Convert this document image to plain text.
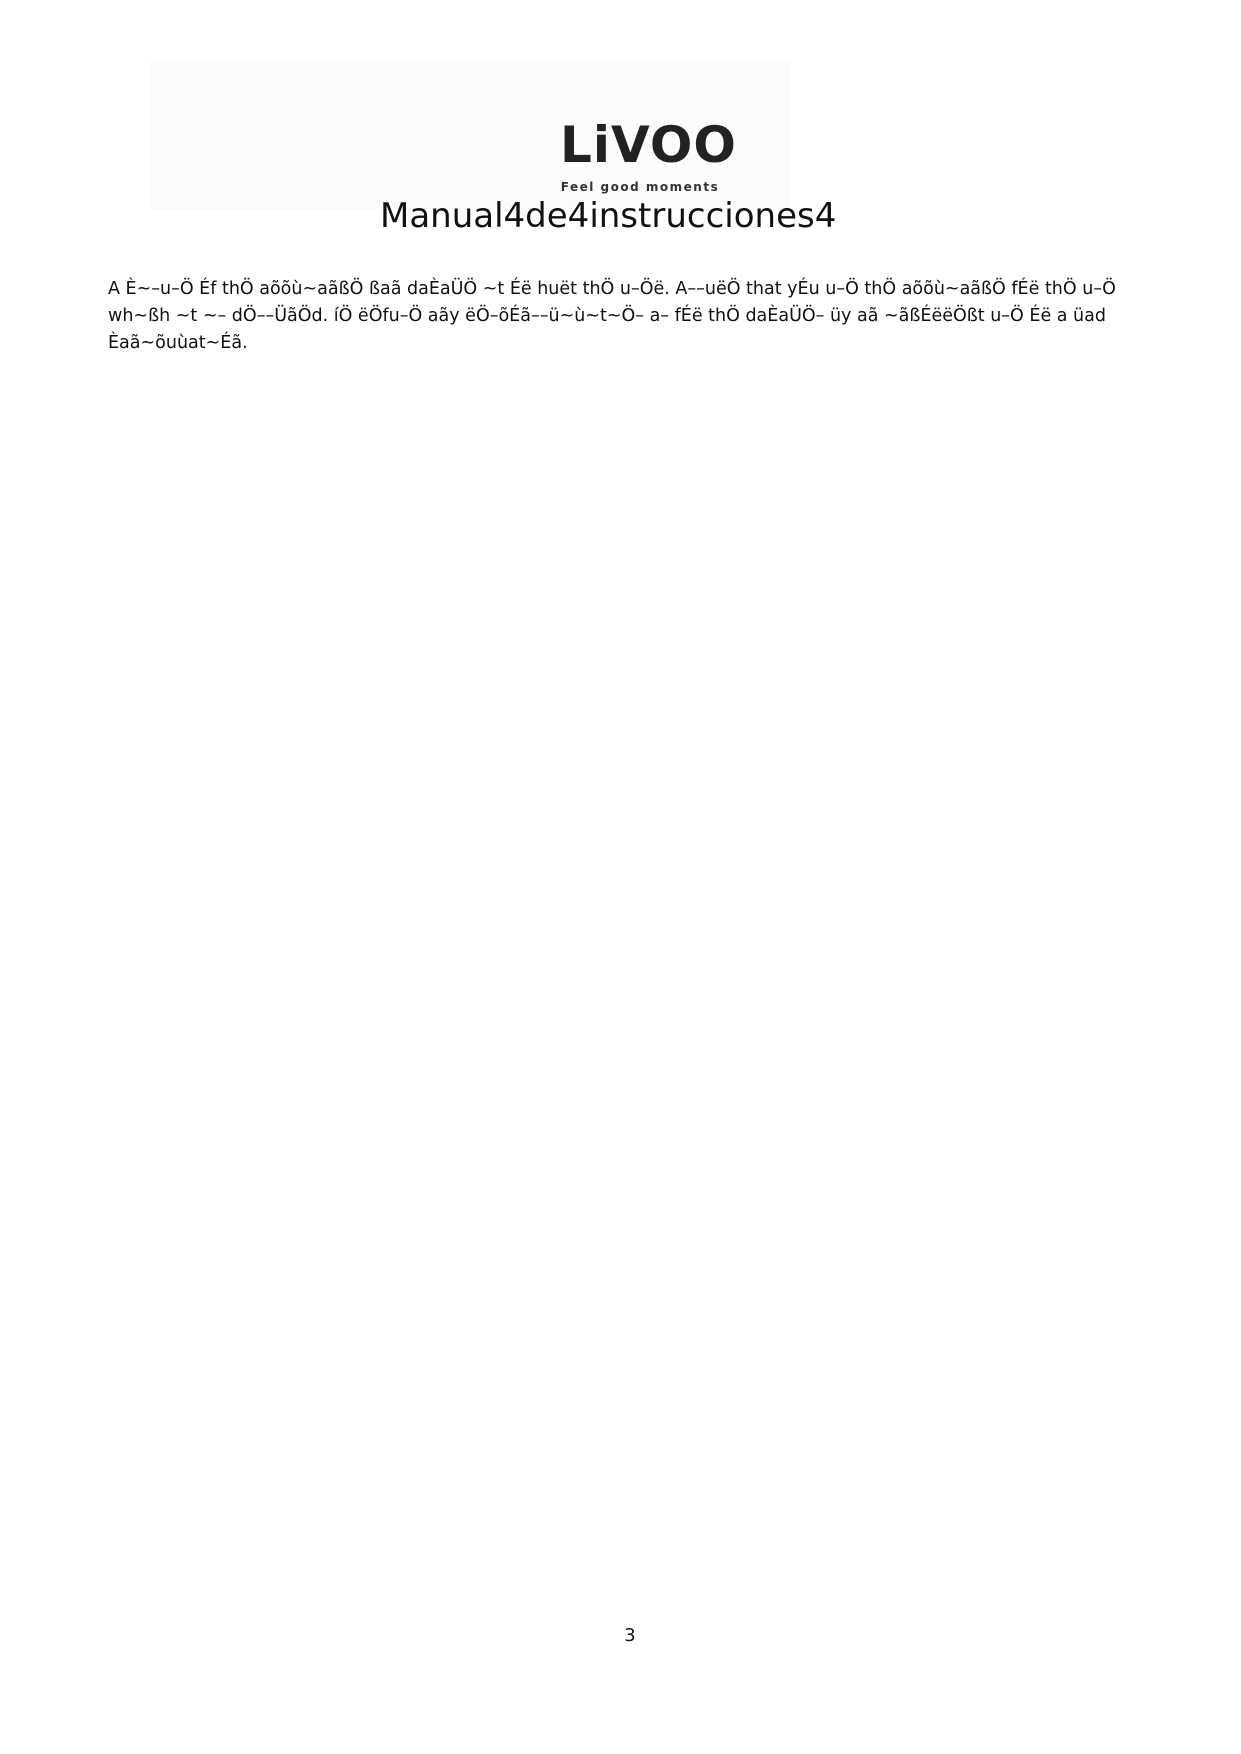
LiVOO
Feel good moments
Manual4de4instrucciones4
A È~–u–Ö Éf thÖ aõõù~aãßÖ ßaã daÈaÜÖ ~t Éë huët thÖ u–Öë. A––uëÖ that yÉu u–Ö thÖ aõõù~aãßÖ fÉë thÖ u–Ö
wh~ßh ~t ~– dÖ––ÜãÖd. íÖ ëÖfu–Ö aãy ëÖ–õÉã––ü~ù~t~Ö– a– fÉë thÖ daÈaÜÖ– üy aã ~ãßÉëëÖßt u–Ö Éë a üad
Èaã~õuùat~Éã.
3
